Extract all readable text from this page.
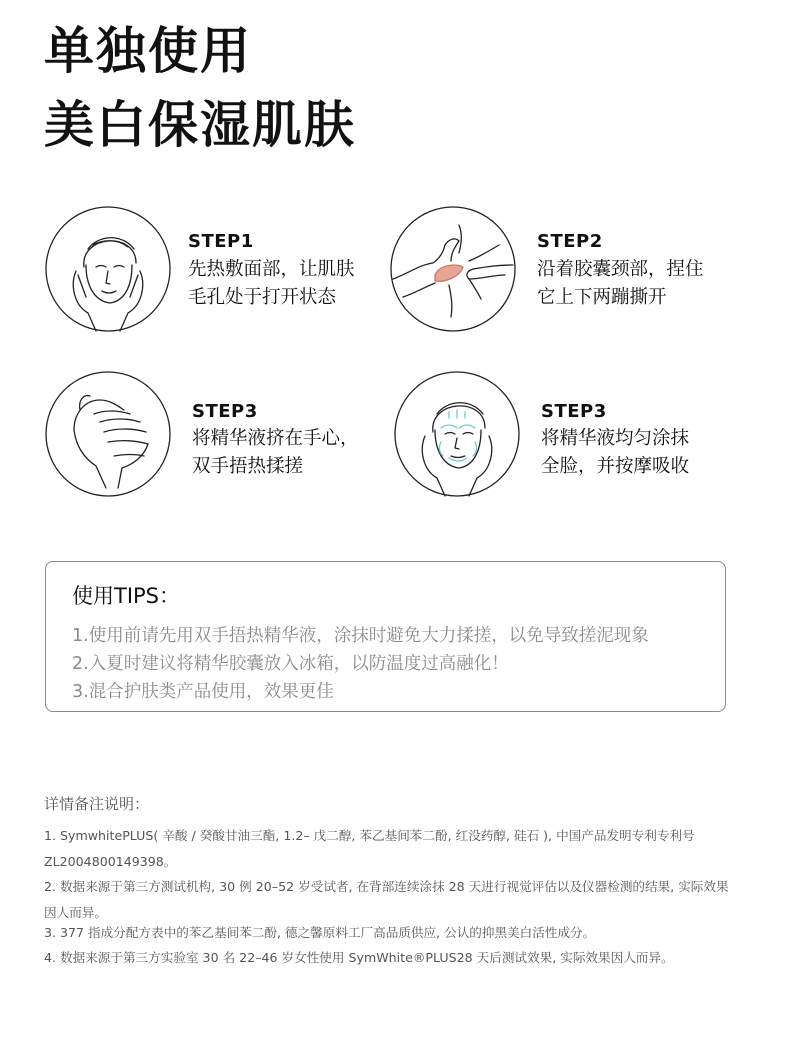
单独使用
美白保湿肌肤
STEP1
先热敷面部，让肌肤
毛孔处于打开状态
STEP2
沿着胶囊颈部，捏住
它上下两蹦撕开
STEP3
将精华液挤在手心，
双手捂热揉搓
STEP3
将精华液均匀涂抹
全脸，并按摩吸收
使用TIPS：
1.使用前请先用双手捂热精华液，涂抹时避免大力揉搓，以免导致搓泥现象
2.入夏时建议将精华胶囊放入冰箱，以防温度过高融化！
3.混合护肤类产品使用，效果更佳
详情备注说明：
1. SymwhitePLUS( 辛酸 / 癸酸甘油三酯, 1.2– 戊二醇, 苯乙基间苯二酚, 红没药醇, 硅石 ), 中国产品发明专利专利号 ZL2004800149398。
2. 数据来源于第三方测试机构, 30 例 20–52 岁受试者, 在背部连续涂抹 28 天进行视觉评估以及仪器检测的结果, 实际效果因人而异。
3. 377 指成分配方表中的苯乙基间苯二酚, 德之馨原料工厂高品质供应, 公认的抑黑美白活性成分。
4. 数据来源于第三方实验室 30 名 22–46 岁女性使用 SymWhite®PLUS28 天后测试效果, 实际效果因人而异。
